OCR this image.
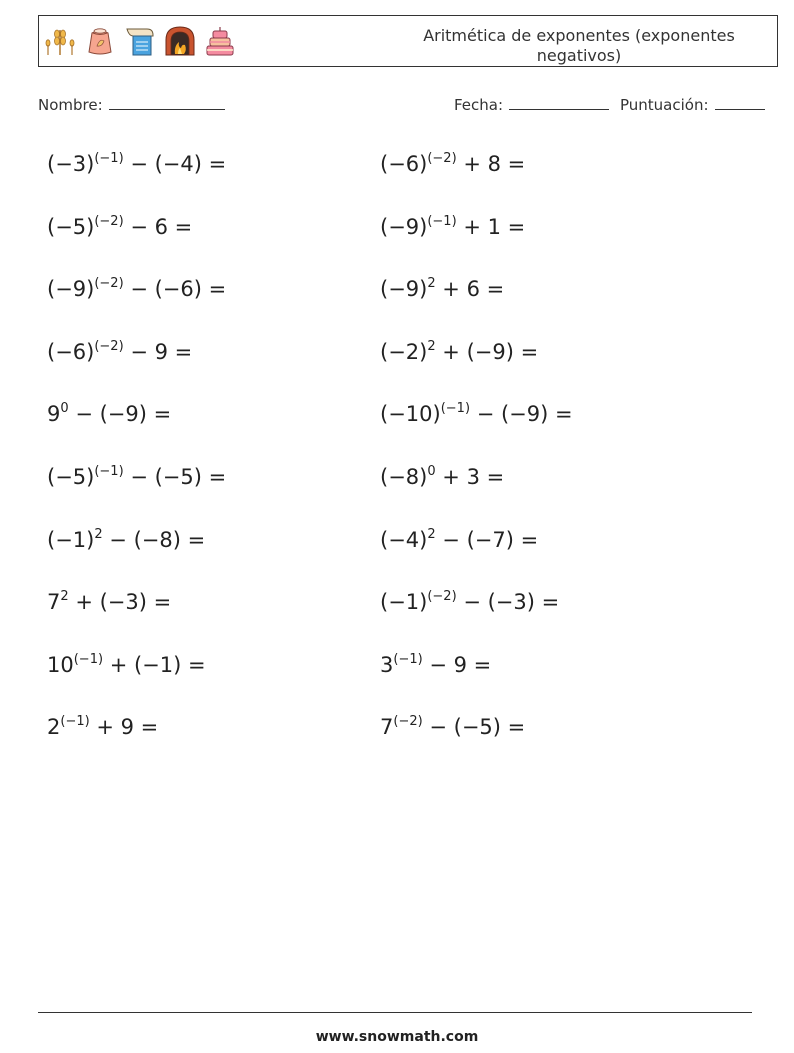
Aritmética de exponentes (exponentes negativos)
Nombre:	Fecha:	Puntuación:
$(-3)^{(-1)} - (-4)$ =	$(-6)^{(-2)} + 8$ =
$(-5)^{(-2)} - 6$ =	$(-9)^{(-1)} + 1$ =
$(-9)^{(-2)} - (-6)$ =	$(-9)^2 + 6$ =
$(-6)^{(-2)} - 9$ =	$(-2)^2 + (-9)$ =
$9^0 - (-9)$ =	$(-10)^{(-1)} - (-9)$ =
$(-5)^{(-1)} - (-5)$ =	$(-8)^0 + 3$ =
$(-1)^2 - (-8)$ =	$(-4)^2 - (-7)$ =
$7^2 + (-3)$ =	$(-1)^{(-2)} - (-3)$ =
$10^{(-1)} + (-1)$ =	$3^{(-1)} - 9$ =
$2^{(-1)} + 9$ =	$7^{(-2)} - (-5)$ =
www.snowmath.com
